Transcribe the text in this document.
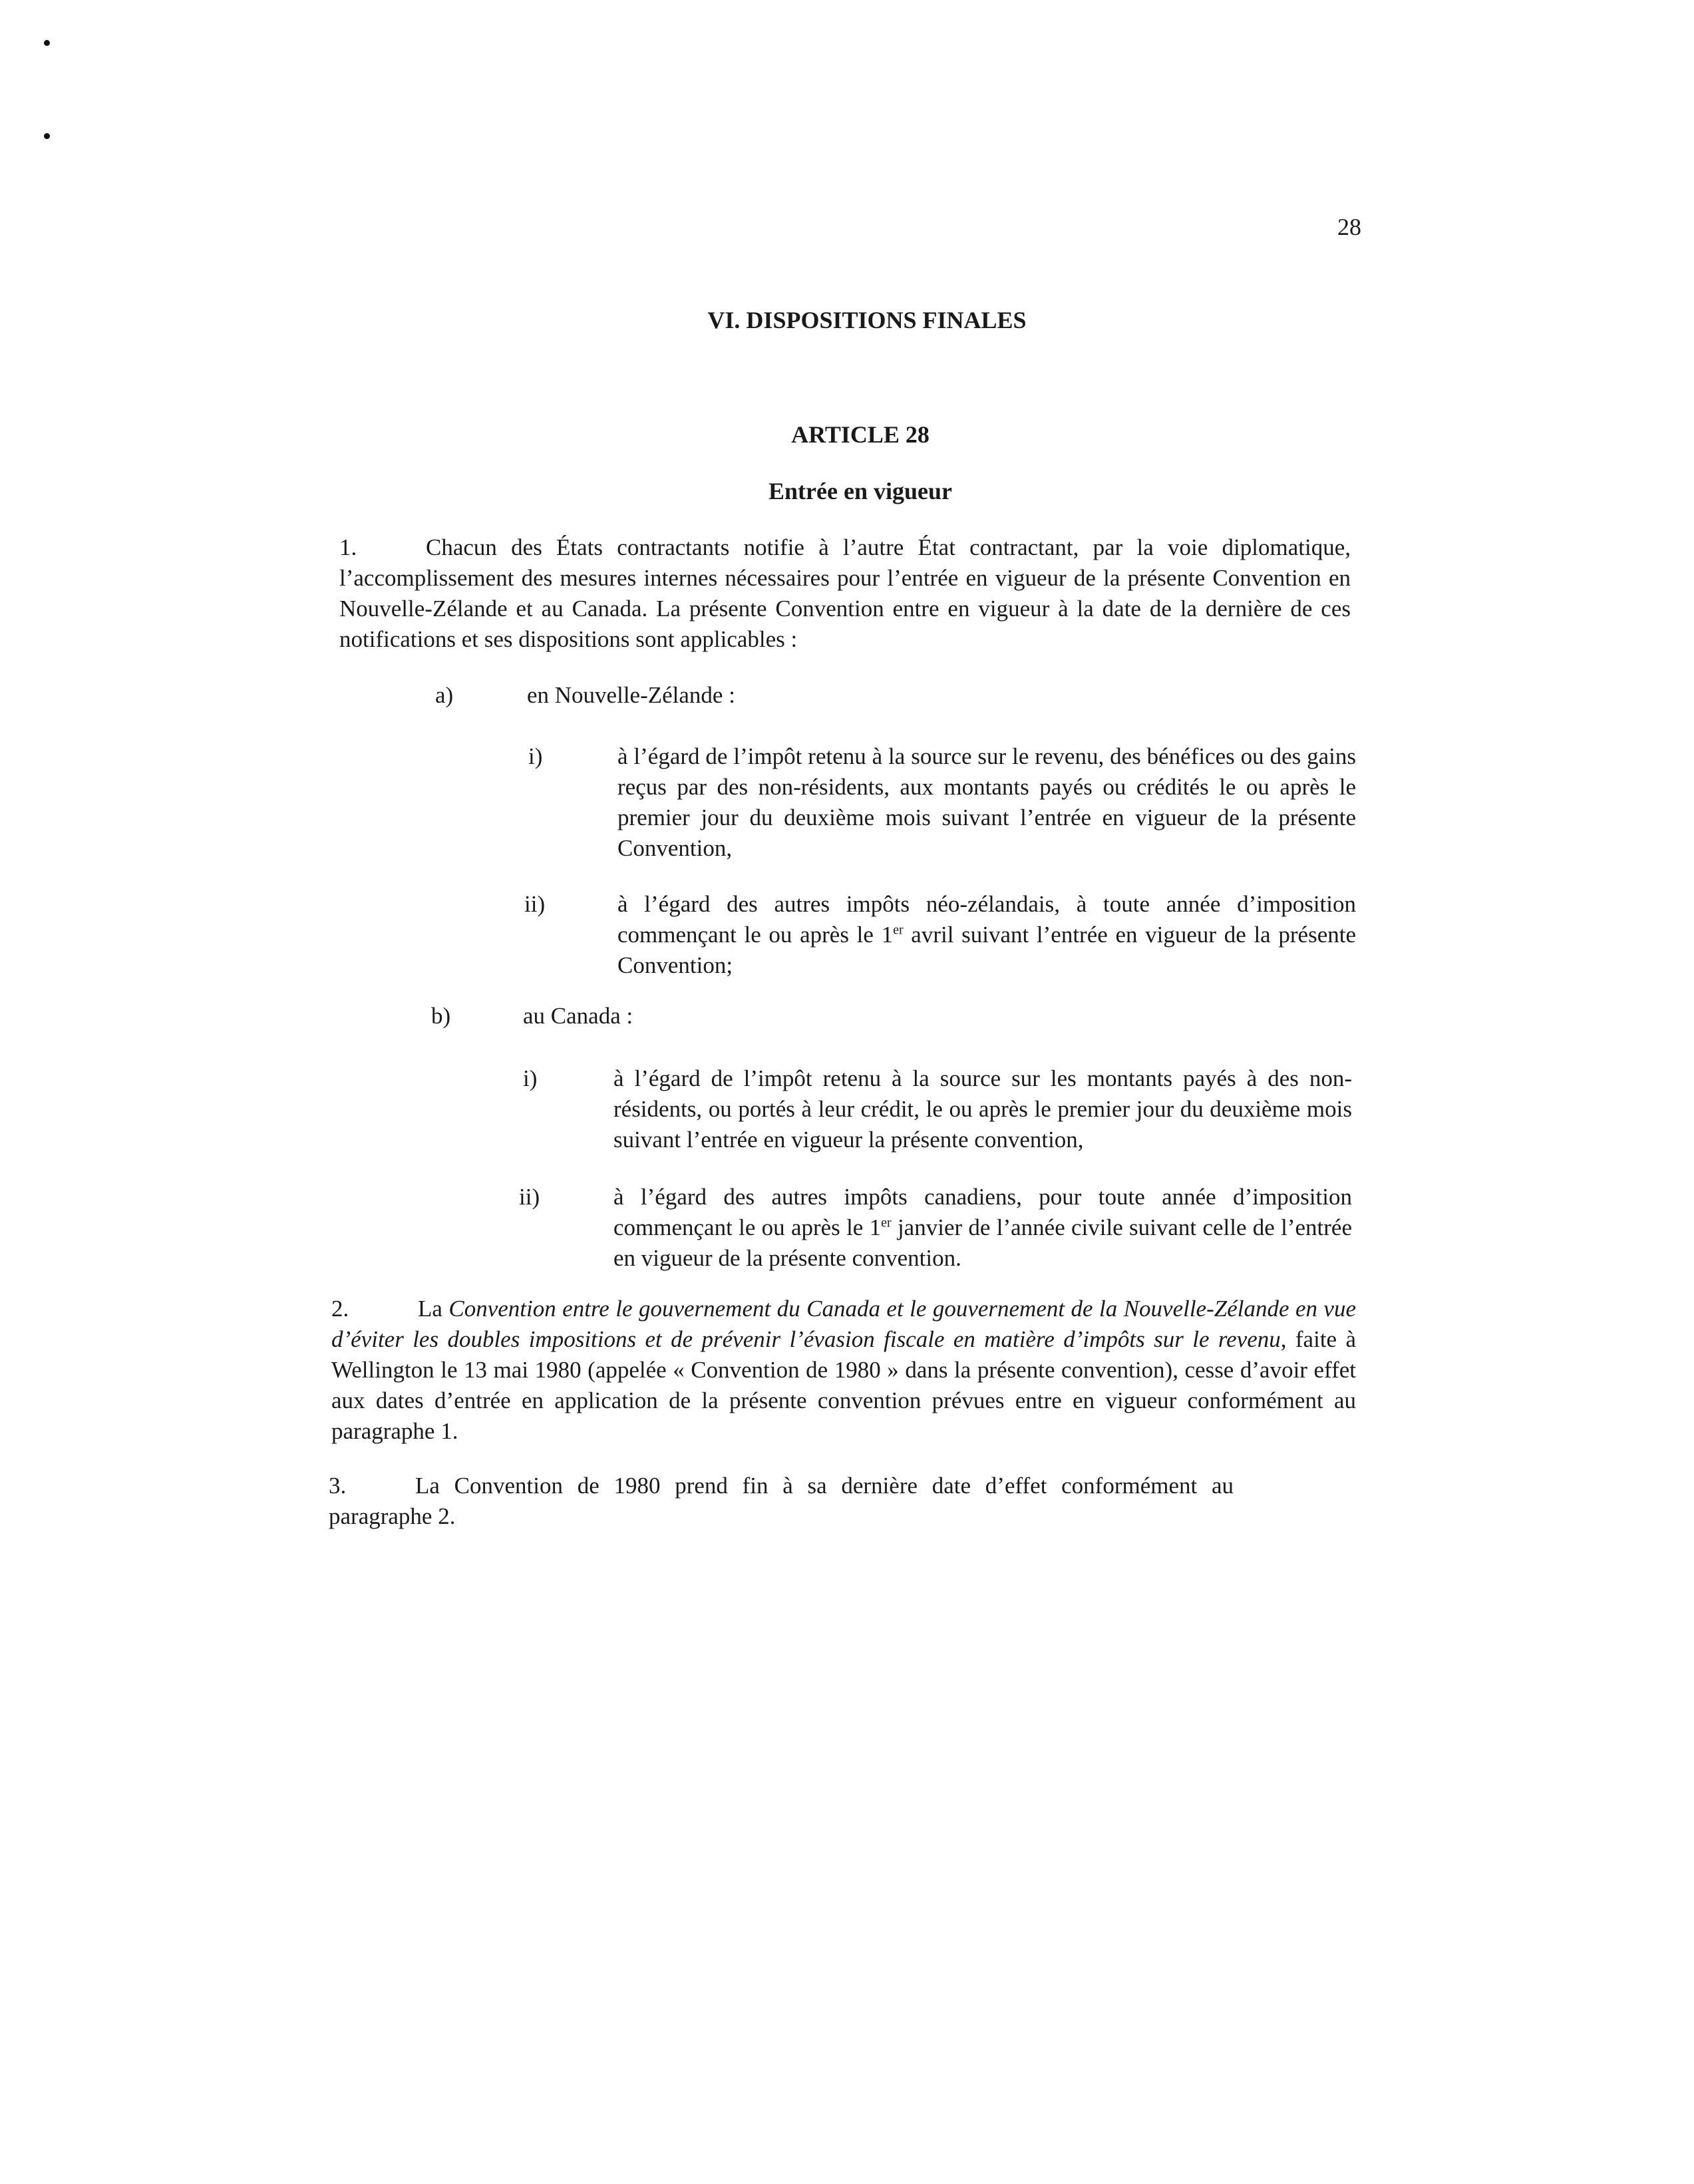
28
VI. DISPOSITIONS FINALES
ARTICLE 28
Entrée en vigueur
1.	Chacun des États contractants notifie à l’autre État contractant, par la voie diplomatique, l’accomplissement des mesures internes nécessaires pour l’entrée en vigueur de la présente Convention en Nouvelle-Zélande et au Canada. La présente Convention entre en vigueur à la date de la dernière de ces notifications et ses dispositions sont applicables :
a)	en Nouvelle-Zélande :
i)	à l’égard de l’impôt retenu à la source sur le revenu, des bénéfices ou des gains reçus par des non-résidents, aux montants payés ou crédités le ou après le premier jour du deuxième mois suivant l’entrée en vigueur de la présente Convention,
ii)	à l’égard des autres impôts néo-zélandais, à toute année d’imposition commençant le ou après le 1er avril suivant l’entrée en vigueur de la présente Convention;
b)	au Canada :
i)	à l’égard de l’impôt retenu à la source sur les montants payés à des non-résidents, ou portés à leur crédit, le ou après le premier jour du deuxième mois suivant l’entrée en vigueur la présente convention,
ii)	à l’égard des autres impôts canadiens, pour toute année d’imposition commençant le ou après le 1er janvier de l’année civile suivant celle de l’entrée en vigueur de la présente convention.
2.	La Convention entre le gouvernement du Canada et le gouvernement de la Nouvelle-Zélande en vue d’éviter les doubles impositions et de prévenir l’évasion fiscale en matière d’impôts sur le revenu, faite à Wellington le 13 mai 1980 (appelée « Convention de 1980 » dans la présente convention), cesse d’avoir effet aux dates d’entrée en application de la présente convention prévues entre en vigueur conformément au paragraphe 1.
3.	La Convention de 1980 prend fin à sa dernière date d’effet conformément au paragraphe 2.
